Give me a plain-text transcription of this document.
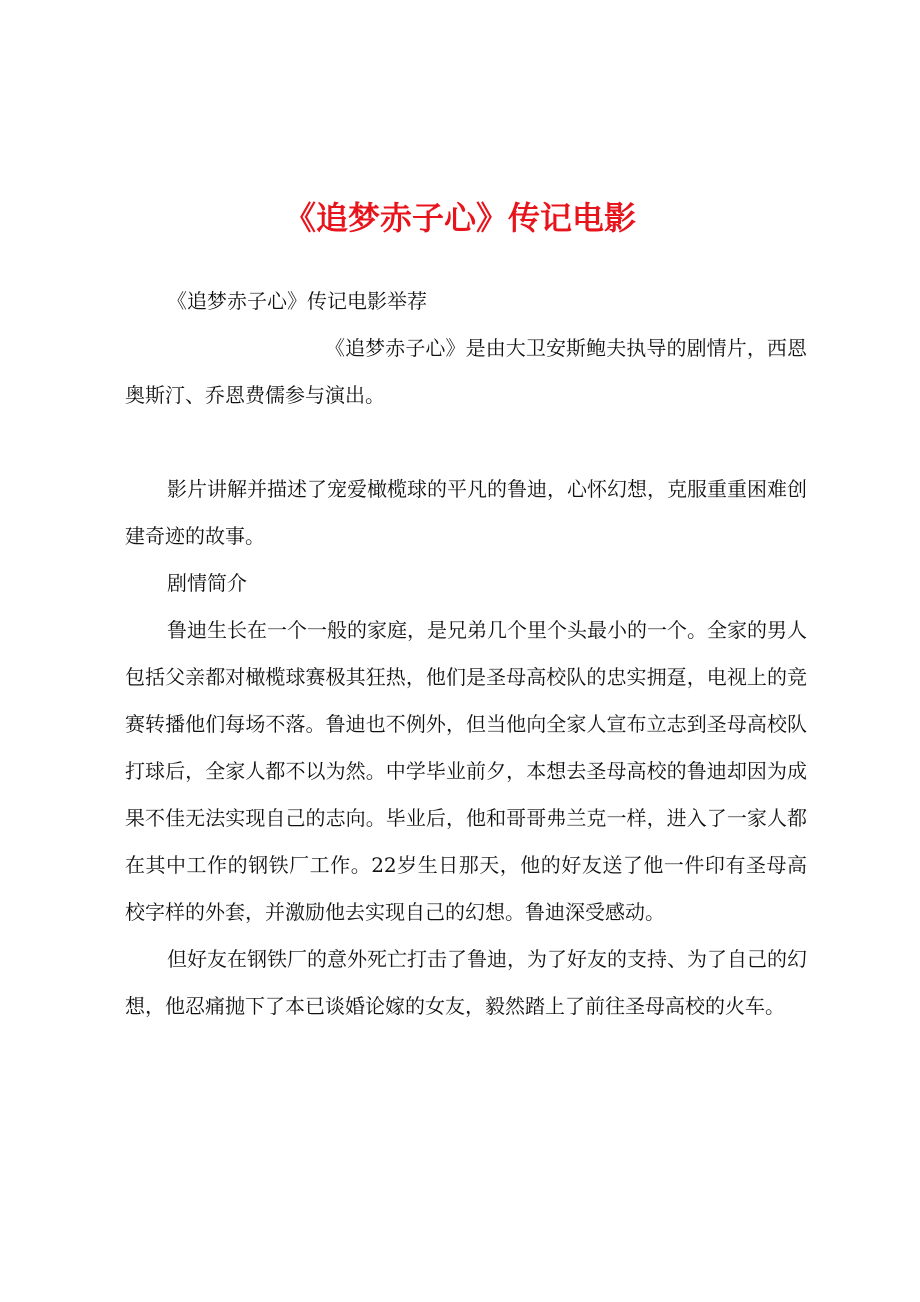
《追梦赤子心》传记电影

《追梦赤子心》传记电影举荐

《追梦赤子心》是由大卫安斯鲍夫执导的剧情片，西恩奥斯汀、乔恩费儒参与演出。

影片讲解并描述了宠爱橄榄球的平凡的鲁迪，心怀幻想，克服重重困难创建奇迹的故事。

剧情简介

鲁迪生长在一个一般的家庭，是兄弟几个里个头最小的一个。全家的男人包括父亲都对橄榄球赛极其狂热，他们是圣母高校队的忠实拥趸，电视上的竞赛转播他们每场不落。鲁迪也不例外，但当他向全家人宣布立志到圣母高校队打球后，全家人都不以为然。中学毕业前夕，本想去圣母高校的鲁迪却因为成果不佳无法实现自己的志向。毕业后，他和哥哥弗兰克一样，进入了一家人都在其中工作的钢铁厂工作。22岁生日那天，他的好友送了他一件印有圣母高校字样的外套，并激励他去实现自己的幻想。鲁迪深受感动。

但好友在钢铁厂的意外死亡打击了鲁迪，为了好友的支持、为了自己的幻想，他忍痛抛下了本已谈婚论嫁的女友，毅然踏上了前往圣母高校的火车。
